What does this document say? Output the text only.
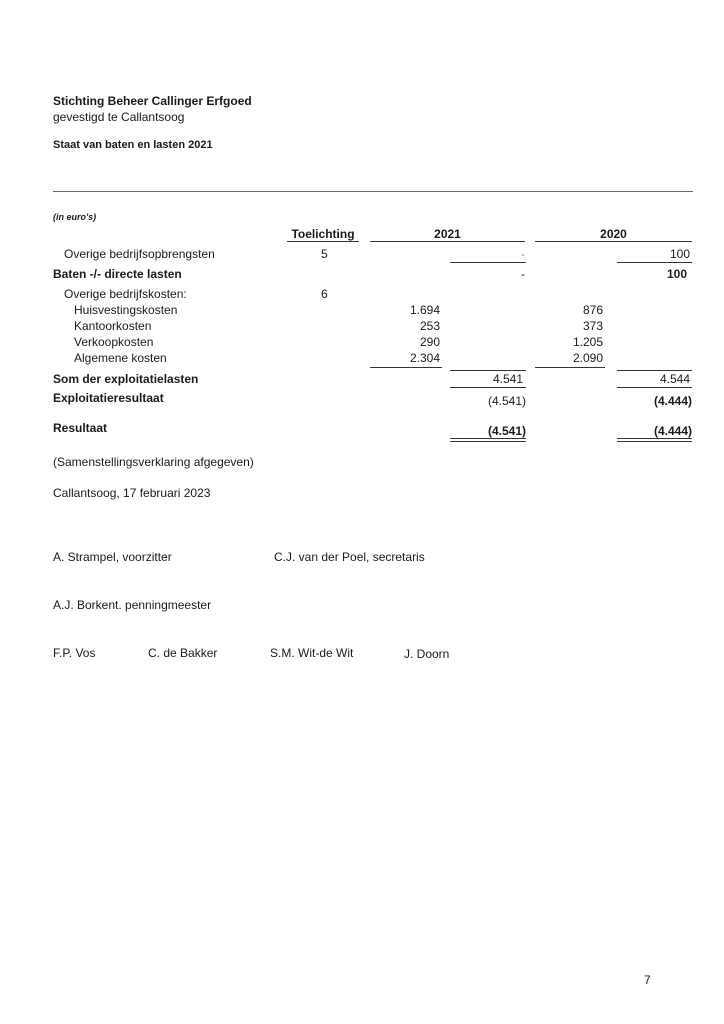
Stichting Beheer Callinger Erfgoed
gevestigd te Callantsoog
Staat van baten en lasten 2021
(in euro's)
Toelichting	2021	2020
Overige bedrijfsopbrengsten	5	-	100
Baten -/- directe lasten	-	100
Overige bedrijfskosten:	6
Huisvestingskosten	1.694	876
Kantoorkosten	253	373
Verkoopkosten	290	1.205
Algemene kosten	2.304	2.090
Som der exploitatielasten	4.541	4.544
Exploitatieresultaat	(4.541)	(4.444)
Resultaat	(4.541)	(4.444)
(Samenstellingsverklaring afgegeven)
Callantsoog, 17 februari 2023
A. Strampel, voorzitter	C.J. van der Poel, secretaris
A.J. Borkent. penningmeester
F.P. Vos	C. de Bakker	S.M. Wit-de Wit	J. Doorn
7
